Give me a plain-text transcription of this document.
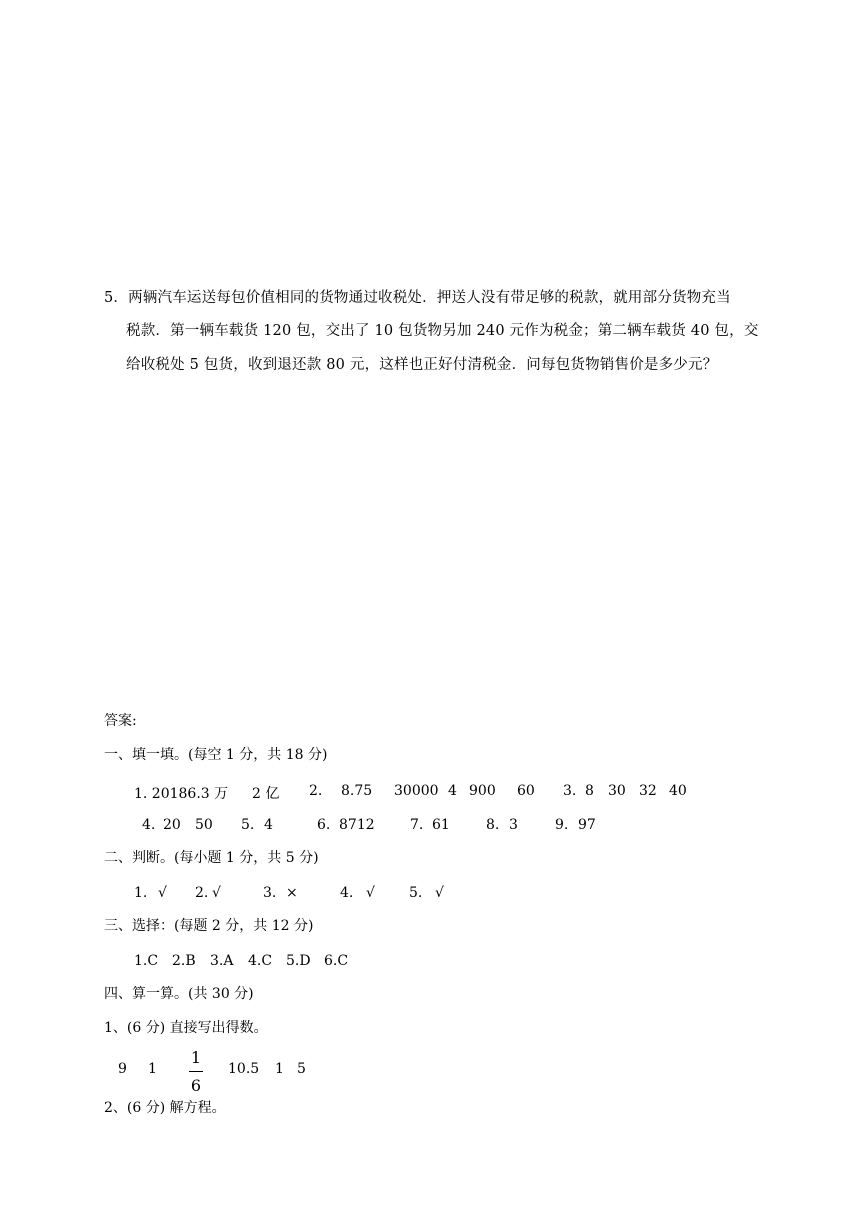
5．两辆汽车运送每包价值相同的货物通过收税处．押送人没有带足够的税款，就用部分货物充当
税款．第一辆车载货 120 包，交出了 10 包货物另加 240 元作为税金；第二辆车载货 40 包，交
给收税处 5 包货，收到退还款 80 元，这样也正好付清税金．问每包货物销售价是多少元？
答案:
一、填一填。(每空 1 分，共 18 分)
1. 20186.3 万 2 亿 2. 8.75 30000 4 900 60 3. 8 30 32 40
4. 20 50 5. 4	6. 8712	7. 61	8. 3	9. 97
二、判断。(每小题 1 分，共 5 分)
1. √ 2. √	3. ×	4. √ 5. √
三、选择：(每题 2 分，共 12 分)
1.C 2.B 3.A 4.C 5.D 6.C
四、算一算。(共 30 分)
1、(6 分) 直接写出得数。
9 1	10.5 1 5
1
6
2、(6 分) 解方程。
